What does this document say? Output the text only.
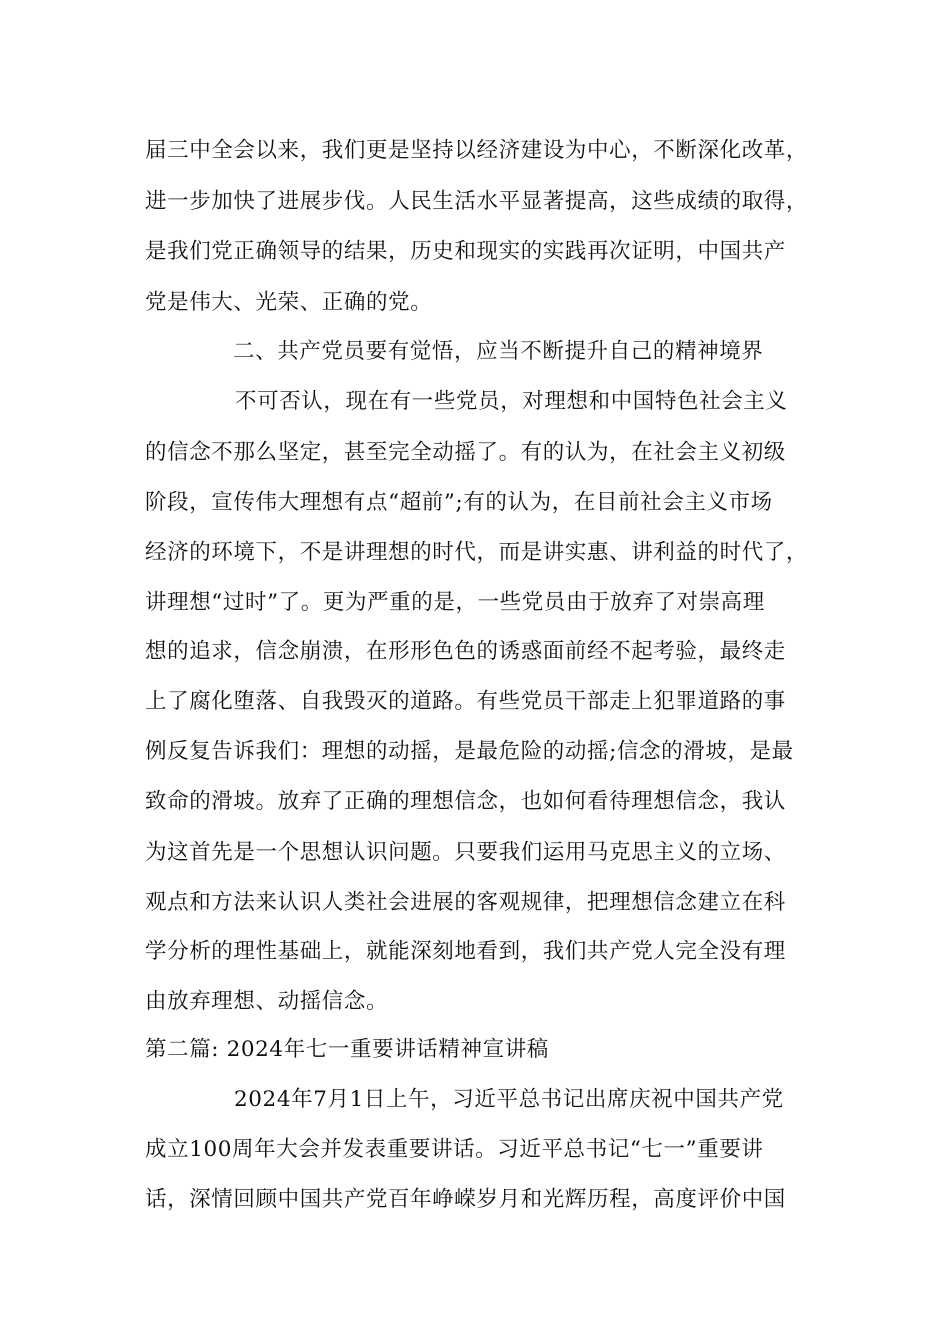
届三中全会以来，我们更是坚持以经济建设为中心，不断深化改革，
进一步加快了进展步伐。人民生活水平显著提高，这些成绩的取得，
是我们党正确领导的结果，历史和现实的实践再次证明，中国共产
党是伟大、光荣、正确的党。
二、共产党员要有觉悟，应当不断提升自己的精神境界
不可否认，现在有一些党员，对理想和中国特色社会主义
的信念不那么坚定，甚至完全动摇了。有的认为，在社会主义初级
阶段，宣传伟大理想有点“超前”;有的认为，在目前社会主义市场
经济的环境下，不是讲理想的时代，而是讲实惠、讲利益的时代了，
讲理想“过时”了。更为严重的是，一些党员由于放弃了对崇高理
想的追求，信念崩溃，在形形色色的诱惑面前经不起考验，最终走
上了腐化堕落、自我毁灭的道路。有些党员干部走上犯罪道路的事
例反复告诉我们：理想的动摇，是最危险的动摇;信念的滑坡，是最
致命的滑坡。放弃了正确的理想信念，也如何看待理想信念，我认
为这首先是一个思想认识问题。只要我们运用马克思主义的立场、
观点和方法来认识人类社会进展的客观规律，把理想信念建立在科
学分析的理性基础上，就能深刻地看到，我们共产党人完全没有理
由放弃理想、动摇信念。
第二篇: 2024年七一重要讲话精神宣讲稿
2024年7月1日上午，习近平总书记出席庆祝中国共产党
成立100周年大会并发表重要讲话。习近平总书记“七一”重要讲
话，深情回顾中国共产党百年峥嵘岁月和光辉历程，高度评价中国
